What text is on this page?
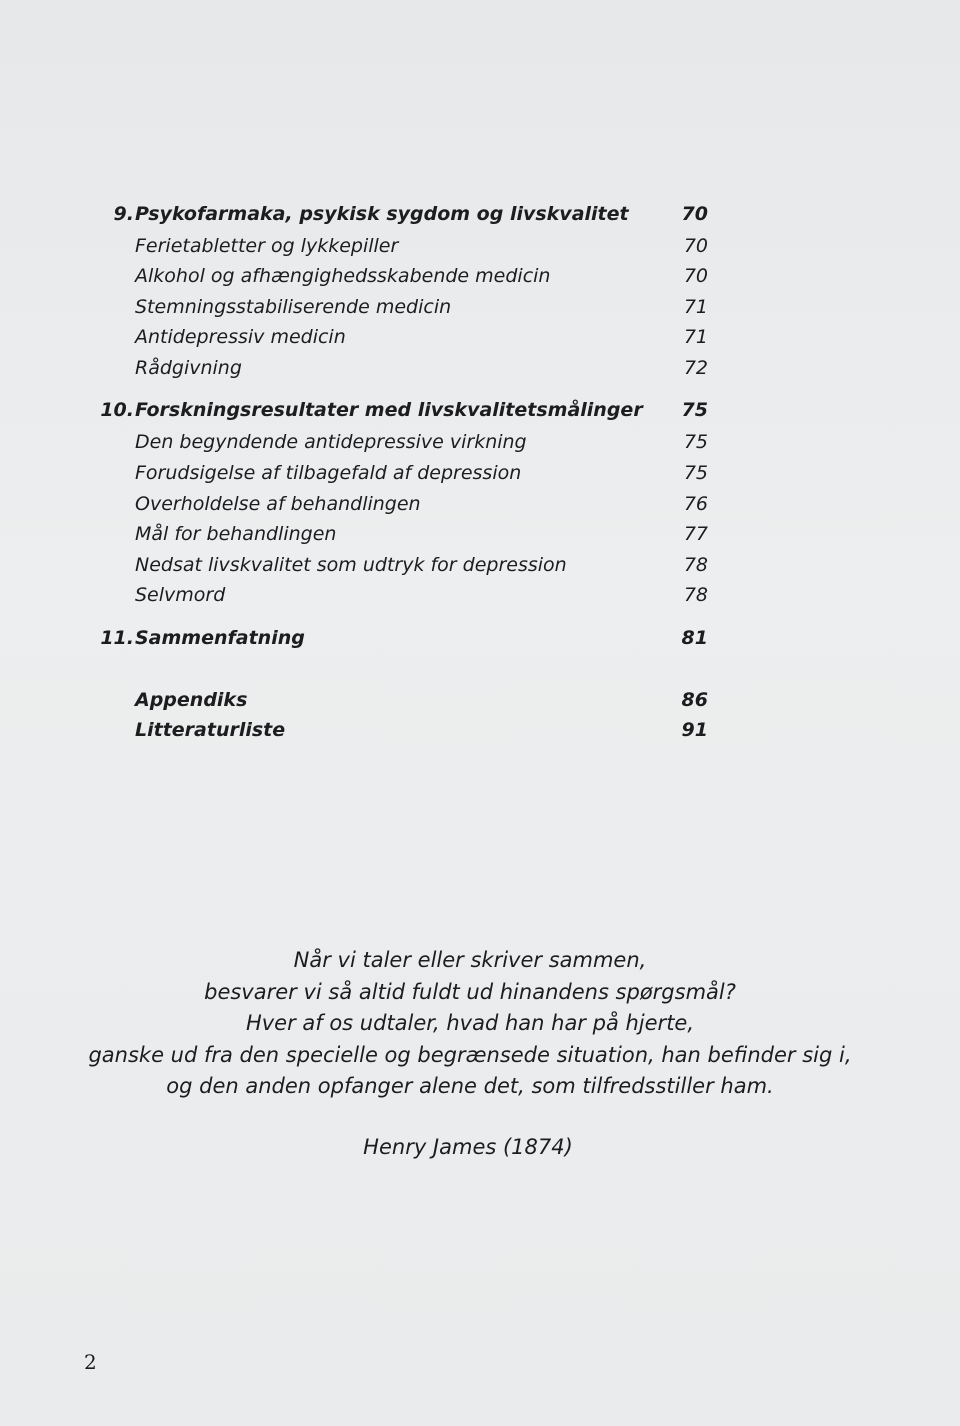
9. Psykofarmaka, psykisk sygdom og livskvalitet	70
Ferietabletter og lykkepiller	70
Alkohol og afhængighedsskabende medicin	70
Stemningsstabiliserende medicin	71
Antidepressiv medicin	71
Rådgivning	72
10. Forskningsresultater med livskvalitetsmålinger 75
Den begyndende antidepressive virkning	75
Forudsigelse af tilbagefald af depression	75
Overholdelse af behandlingen	76
Mål for behandlingen	77
Nedsat livskvalitet som udtryk for depression	78
Selvmord	78
11. Sammenfatning	81
Appendiks	86
Litteraturliste	91
Når vi taler eller skriver sammen,
besvarer vi så altid fuldt ud hinandens spørgsmål?
Hver af os udtaler, hvad han har på hjerte,
ganske ud fra den specielle og begrænsede situation, han befinder sig i,
og den anden opfanger alene det, som tilfredsstiller ham.
Henry James (1874)
2
